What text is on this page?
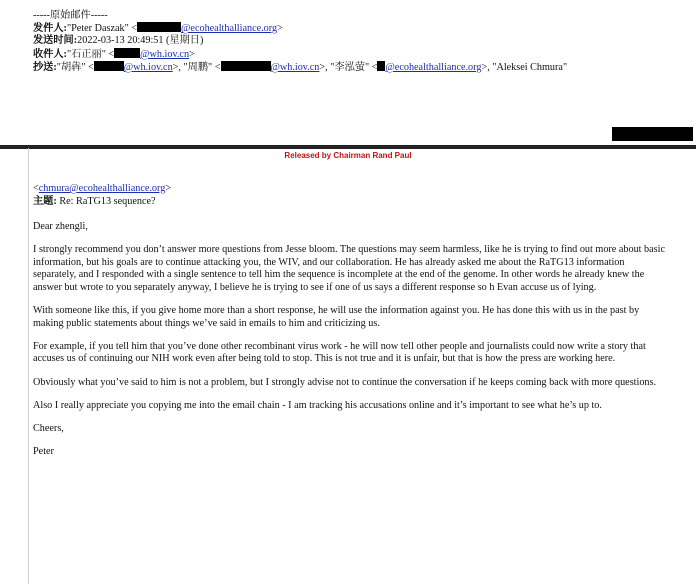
-----原始邮件-----
发件人:"Peter Daszak" <	@ecohealthalliance.org>
发送时间:2022-03-13 20:49:51 (星期日)
收件人:"石正丽" <	@wh.iov.cn>
抄送:"胡犇" <	@wh.iov.cn>, "周鹏" <	@wh.iov.cn>, "李泓萤" < @ecohealthalliance.org>, "Aleksei Chmura"
Released by Chairman Rand Paul
<chmura@ecohealthalliance.org>
主题: Re: RaTG13 sequence?
Dear zhengli,
I strongly recommend you don’t answer more questions from Jesse bloom. The questions may seem harmless, like he is trying to find out more about basic information, but his goals are to continue attacking you, the WIV, and our collaboration. He has already asked me about the RaTG13 information separately, and I responded with a single sentence to tell him the sequence is incomplete at the end of the genome. In other words he already knew the answer but wrote to you separately anyway, I believe he is trying to see if one of us says a different response so h Evan accuse us of lying.
With someone like this, if you give home more than a short response, he will use the information against you. He has done this with us in the past by making public statements about things we’ve said in emails to him and criticizing us.
For example, if you tell him that you’ve done other recombinant virus work - he will now tell other people and journalists could now write a story that accuses us of continuing our NIH work even after being told to stop. This is not true and it is unfair, but that is how the press are working here.
Obviously what you’ve said to him is not a problem, but I strongly advise not to continue the conversation if he keeps coming back with more questions.
Also I really appreciate you copying me into the email chain - I am tracking his accusations online and it’s important to see what he’s up to.
Cheers,
Peter
